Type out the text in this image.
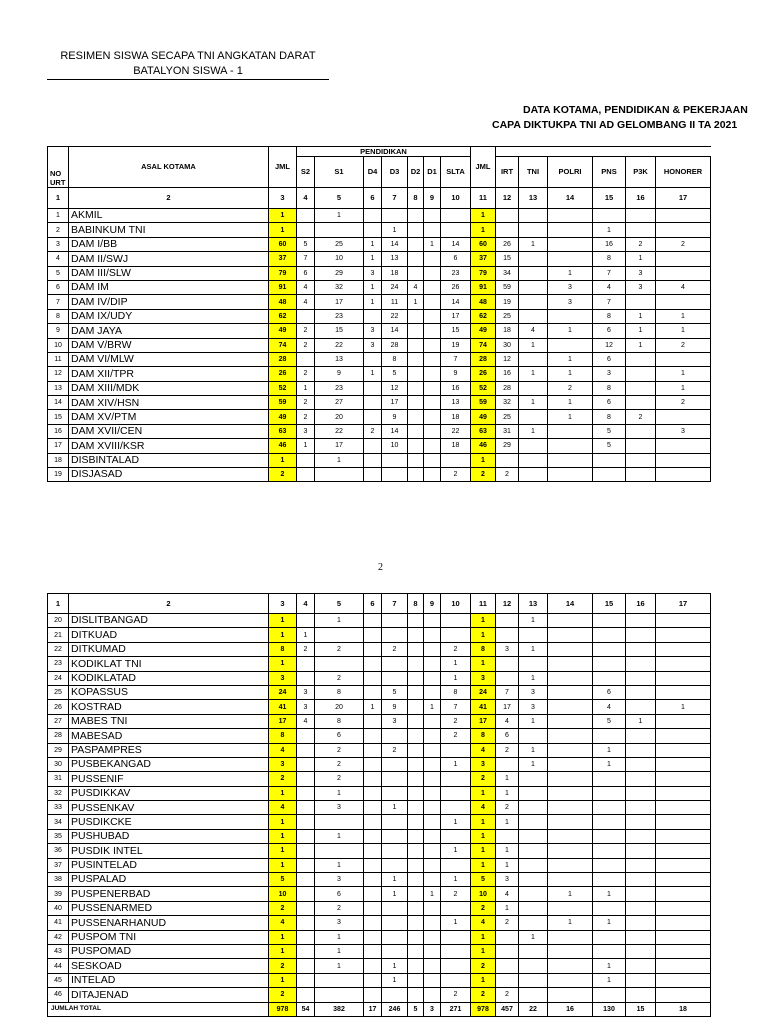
RESIMEN SISWA SECAPA TNI ANGKATAN DARAT
BATALYON SISWA - 1
DATA KOTAMA, PENDIDIKAN & PEKERJAAN
CAPA DIKTUKPA TNI AD GELOMBANG II TA 2021
NO URT	ASAL KOTAMA	JML	PENDIDIKAN							JML						
			S2	S1	D4	D3	D2	D1	SLTA		IRT	TNI	POLRI	PNS	P3K	HONORER
1	2	3	4	5	6	7	8	9	10	11	12	13	14	15	16	17
1	AKMIL	1		1						1						
2	BABINKUM TNI	1				1				1				1		
3	DAM I/BB	60	5	25	1	14		1	14	60	26	1		16	2	2
4	DAM II/SWJ	37	7	10	1	13			6	37	15			8	1	
5	DAM III/SLW	79	6	29	3	18			23	79	34		1	7	3	
6	DAM IM	91	4	32	1	24	4		26	91	59		3	4	3	4
7	DAM IV/DIP	48	4	17	1	11	1		14	48	19		3	7		
8	DAM IX/UDY	62		23		22			17	62	25			8	1	1
9	DAM JAYA	49	2	15	3	14			15	49	18	4	1	6	1	1
10	DAM V/BRW	74	2	22	3	28			19	74	30	1		12	1	2
11	DAM VI/MLW	28		13		8			7	28	12		1	6		
12	DAM XII/TPR	26	2	9	1	5			9	26	16	1	1	3		1
13	DAM XIII/MDK	52	1	23		12			16	52	28		2	8		1
14	DAM XIV/HSN	59	2	27		17			13	59	32	1	1	6		2
15	DAM XV/PTM	49	2	20		9			18	49	25		1	8	2	
16	DAM XVII/CEN	63	3	22	2	14			22	63	31	1		5		3
17	DAM XVIII/KSR	46	1	17		10			18	46	29			5		
18	DISBINTALAD	1		1						1						
19	DISJASAD	2							2	2	2					
2
1	2	3	4	5	6	7	8	9	10	11	12	13	14	15	16	17
20	DISLITBANGAD	1		1						1		1				
21	DITKUAD	1	1							1						
22	DITKUMAD	8	2	2		2			2	8	3	1				
23	KODIKLAT TNI	1							1	1						
24	KODIKLATAD	3		2					1	3		1				
25	KOPASSUS	24	3	8		5			8	24	7	3		6		
26	KOSTRAD	41	3	20	1	9		1	7	41	17	3		4		1
27	MABES TNI	17	4	8		3			2	17	4	1		5	1	
28	MABESAD	8		6					2	8	6					
29	PASPAMPRES	4		2		2				4	2	1		1		
30	PUSBEKANGAD	3		2					1	3		1		1		
31	PUSSENIF	2		2						2	1					
32	PUSDIKKAV	1		1						1	1					
33	PUSSENKAV	4		3		1				4	2					
34	PUSDIKCKE	1							1	1	1					
35	PUSHUBAD	1		1						1						
36	PUSDIK INTEL	1							1	1	1					
37	PUSINTELAD	1		1						1	1					
38	PUSPALAD	5		3		1			1	5	3					
39	PUSPENERBAD	10		6		1		1	2	10	4		1	1		
40	PUSSENARMED	2		2						2	1					
41	PUSSENARHANUD	4		3					1	4	2		1	1		
42	PUSPOM TNI	1		1						1		1				
43	PUSPOMAD	1		1						1						
44	SESKOAD	2		1		1				2				1		
45	INTELAD	1				1				1				1		
46	DITAJENAD	2							2	2	2					
JUMLAH TOTAL		978	54	382	17	246	5	3	271	978	457	22	16	130	15	18
